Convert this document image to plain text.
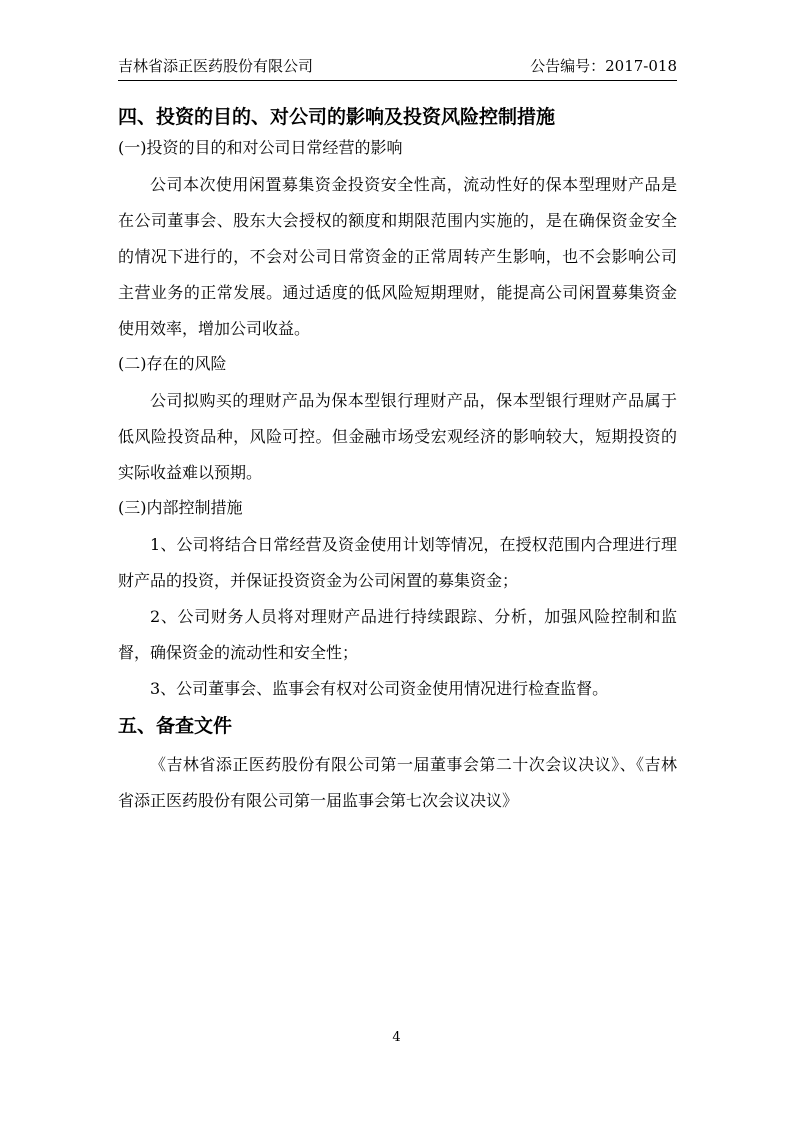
吉林省添正医药股份有限公司	公告编号：2017-018
四、投资的目的、对公司的影响及投资风险控制措施
(一)投资的目的和对公司日常经营的影响

公司本次使用闲置募集资金投资安全性高，流动性好的保本型理财产品是在公司董事会、股东大会授权的额度和期限范围内实施的，是在确保资金安全的情况下进行的，不会对公司日常资金的正常周转产生影响，也不会影响公司主营业务的正常发展。通过适度的低风险短期理财，能提高公司闲置募集资金使用效率，增加公司收益。

(二)存在的风险

公司拟购买的理财产品为保本型银行理财产品，保本型银行理财产品属于低风险投资品种，风险可控。但金融市场受宏观经济的影响较大，短期投资的实际收益难以预期。

(三)内部控制措施

1、公司将结合日常经营及资金使用计划等情况，在授权范围内合理进行理财产品的投资，并保证投资资金为公司闲置的募集资金；

2、公司财务人员将对理财产品进行持续跟踪、分析，加强风险控制和监督，确保资金的流动性和安全性；

3、公司董事会、监事会有权对公司资金使用情况进行检查监督。

五、备查文件

《吉林省添正医药股份有限公司第一届董事会第二十次会议决议》、《吉林省添正医药股份有限公司第一届监事会第七次会议决议》

4
